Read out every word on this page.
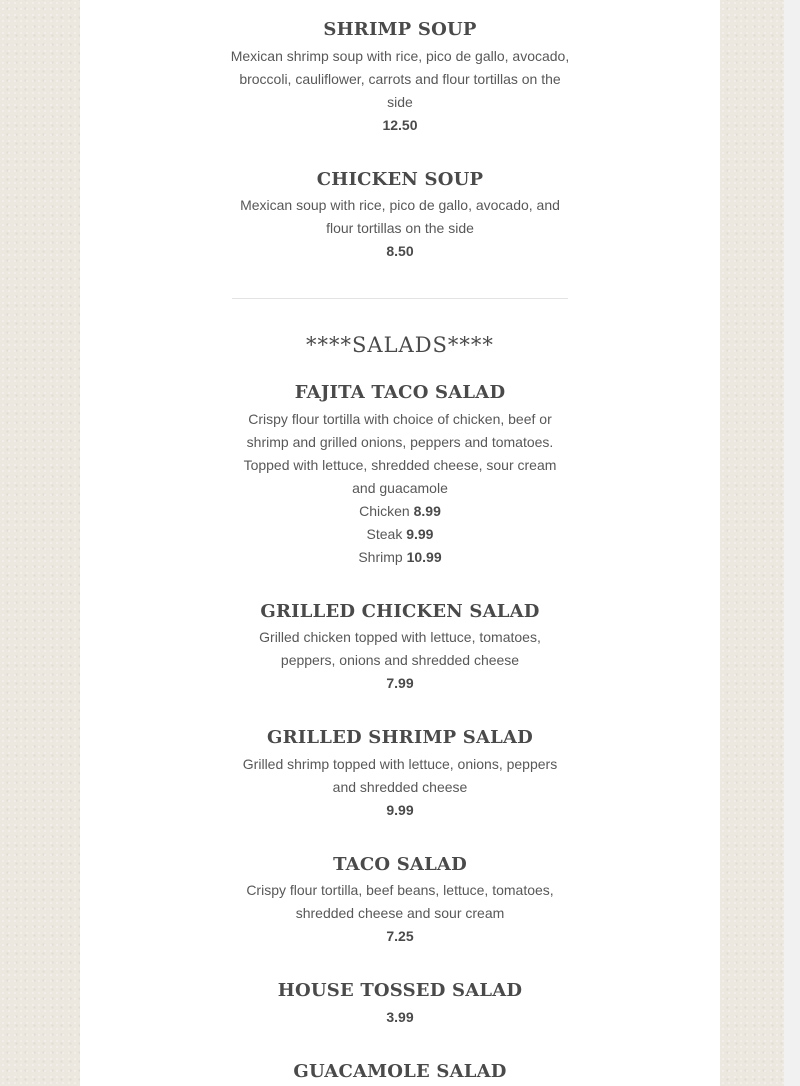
SHRIMP SOUP
Mexican shrimp soup with rice, pico de gallo, avocado, broccoli, cauliflower, carrots and flour tortillas on the side
12.50
CHICKEN SOUP
Mexican soup with rice, pico de gallo, avocado, and flour tortillas on the side
8.50
****SALADS****
FAJITA TACO SALAD
Crispy flour tortilla with choice of chicken, beef or shrimp and grilled onions, peppers and tomatoes. Topped with lettuce, shredded cheese, sour cream and guacamole
Chicken 8.99
Steak 9.99
Shrimp 10.99
GRILLED CHICKEN SALAD
Grilled chicken topped with lettuce, tomatoes, peppers, onions and shredded cheese
7.99
GRILLED SHRIMP SALAD
Grilled shrimp topped with lettuce, onions, peppers and shredded cheese
9.99
TACO SALAD
Crispy flour tortilla, beef beans, lettuce, tomatoes, shredded cheese and sour cream
7.25
HOUSE TOSSED SALAD
3.99
GUACAMOLE SALAD
